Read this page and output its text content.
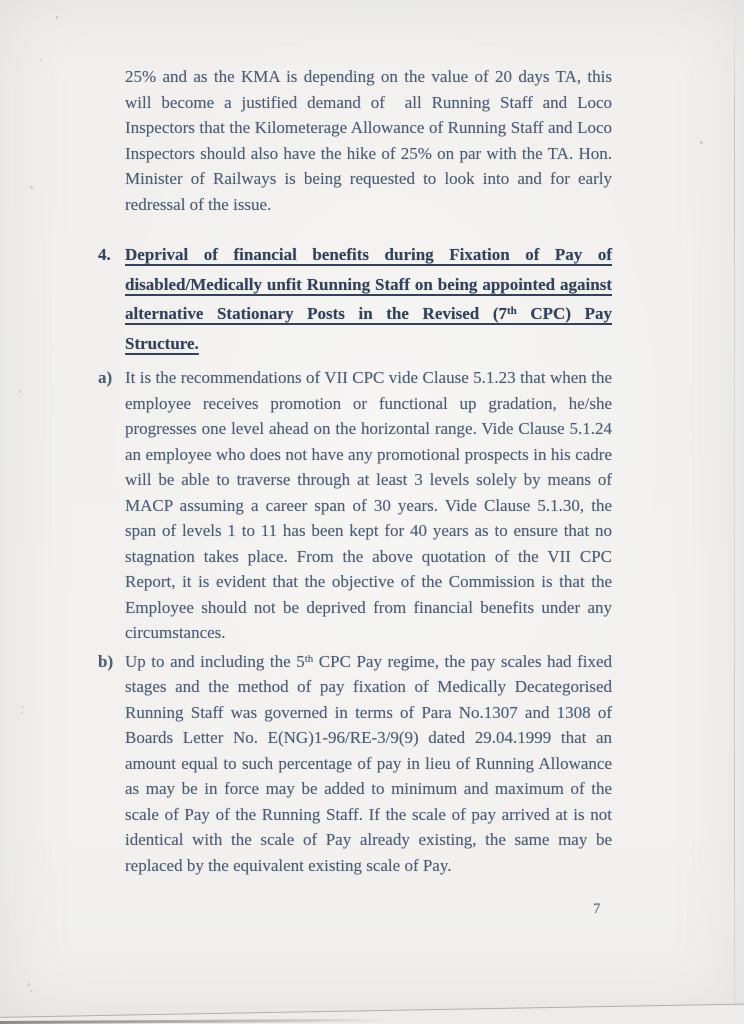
25% and as the KMA is depending on the value of 20 days TA, this will become a justified demand of  all Running Staff and Loco Inspectors that the Kilometerage Allowance of Running Staff and Loco Inspectors should also have the hike of 25% on par with the TA. Hon. Minister of Railways is being requested to look into and for early redressal of the issue.

4. Deprival of financial benefits during Fixation of Pay of disabled/Medically unfit Running Staff on being appointed against alternative Stationary Posts in the Revised (7th CPC) Pay Structure.

a) It is the recommendations of VII CPC vide Clause 5.1.23 that when the employee receives promotion or functional up gradation, he/she progresses one level ahead on the horizontal range. Vide Clause 5.1.24 an employee who does not have any promotional prospects in his cadre will be able to traverse through at least 3 levels solely by means of MACP assuming a career span of 30 years. Vide Clause 5.1.30, the span of levels 1 to 11 has been kept for 40 years as to ensure that no stagnation takes place. From the above quotation of the VII CPC Report, it is evident that the objective of the Commission is that the Employee should not be deprived from financial benefits under any circumstances.

b) Up to and including the 5th CPC Pay regime, the pay scales had fixed stages and the method of pay fixation of Medically Decategorised Running Staff was governed in terms of Para No.1307 and 1308 of Boards Letter No. E(NG)1-96/RE-3/9(9) dated 29.04.1999 that an amount equal to such percentage of pay in lieu of Running Allowance as may be in force may be added to minimum and maximum of the scale of Pay of the Running Staff. If the scale of pay arrived at is not identical with the scale of Pay already existing, the same may be replaced by the equivalent existing scale of Pay.

7
